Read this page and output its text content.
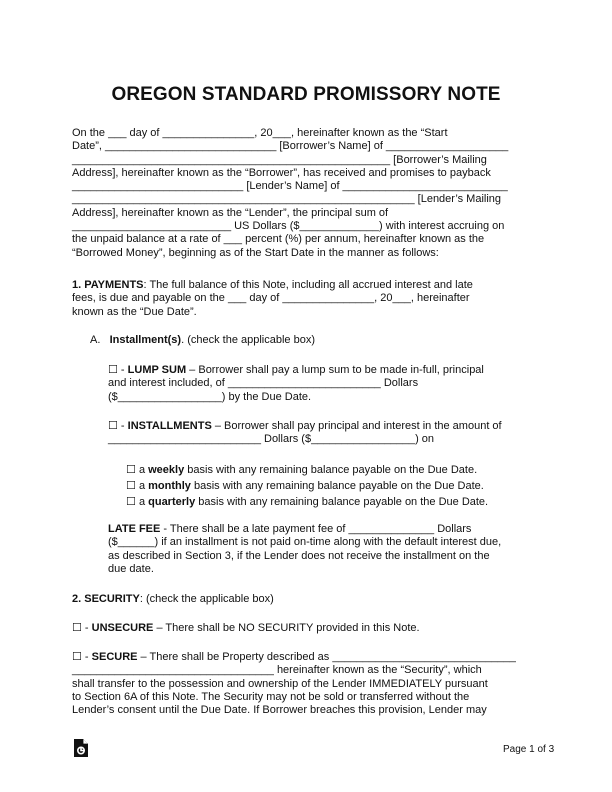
OREGON STANDARD PROMISSORY NOTE
On the ___ day of _______________, 20___, hereinafter known as the “Start
Date”, ____________________________ [Borrower’s Name] of ____________________
____________________________________________________ [Borrower’s Mailing
Address], hereinafter known as the “Borrower”, has received and promises to payback
____________________________ [Lender’s Name] of ___________________________
________________________________________________________ [Lender’s Mailing
Address], hereinafter known as the “Lender”, the principal sum of
__________________________ US Dollars ($_____________) with interest accruing on
the unpaid balance at a rate of ___ percent (%) per annum, hereinafter known as the
“Borrowed Money”, beginning as of the Start Date in the manner as follows:
1. PAYMENTS: The full balance of this Note, including all accrued interest and late
fees, is due and payable on the ___ day of _______________, 20___, hereinafter
known as the “Due Date”.
A. Installment(s). (check the applicable box)
☐ - LUMP SUM – Borrower shall pay a lump sum to be made in-full, principal
and interest included, of _________________________ Dollars
($_________________) by the Due Date.
☐ - INSTALLMENTS – Borrower shall pay principal and interest in the amount of
_________________________ Dollars ($_________________) on
☐ a weekly basis with any remaining balance payable on the Due Date.
☐ a monthly basis with any remaining balance payable on the Due Date.
☐ a quarterly basis with any remaining balance payable on the Due Date.
LATE FEE - There shall be a late payment fee of ______________ Dollars
($______) if an installment is not paid on-time along with the default interest due,
as described in Section 3, if the Lender does not receive the installment on the
due date.
2. SECURITY: (check the applicable box)
☐ - UNSECURE – There shall be NO SECURITY provided in this Note.
☐ - SECURE – There shall be Property described as ______________________________
_________________________________ hereinafter known as the “Security”, which
shall transfer to the possession and ownership of the Lender IMMEDIATELY pursuant
to Section 6A of this Note. The Security may not be sold or transferred without the
Lender’s consent until the Due Date. If Borrower breaches this provision, Lender may
Page 1 of 3
